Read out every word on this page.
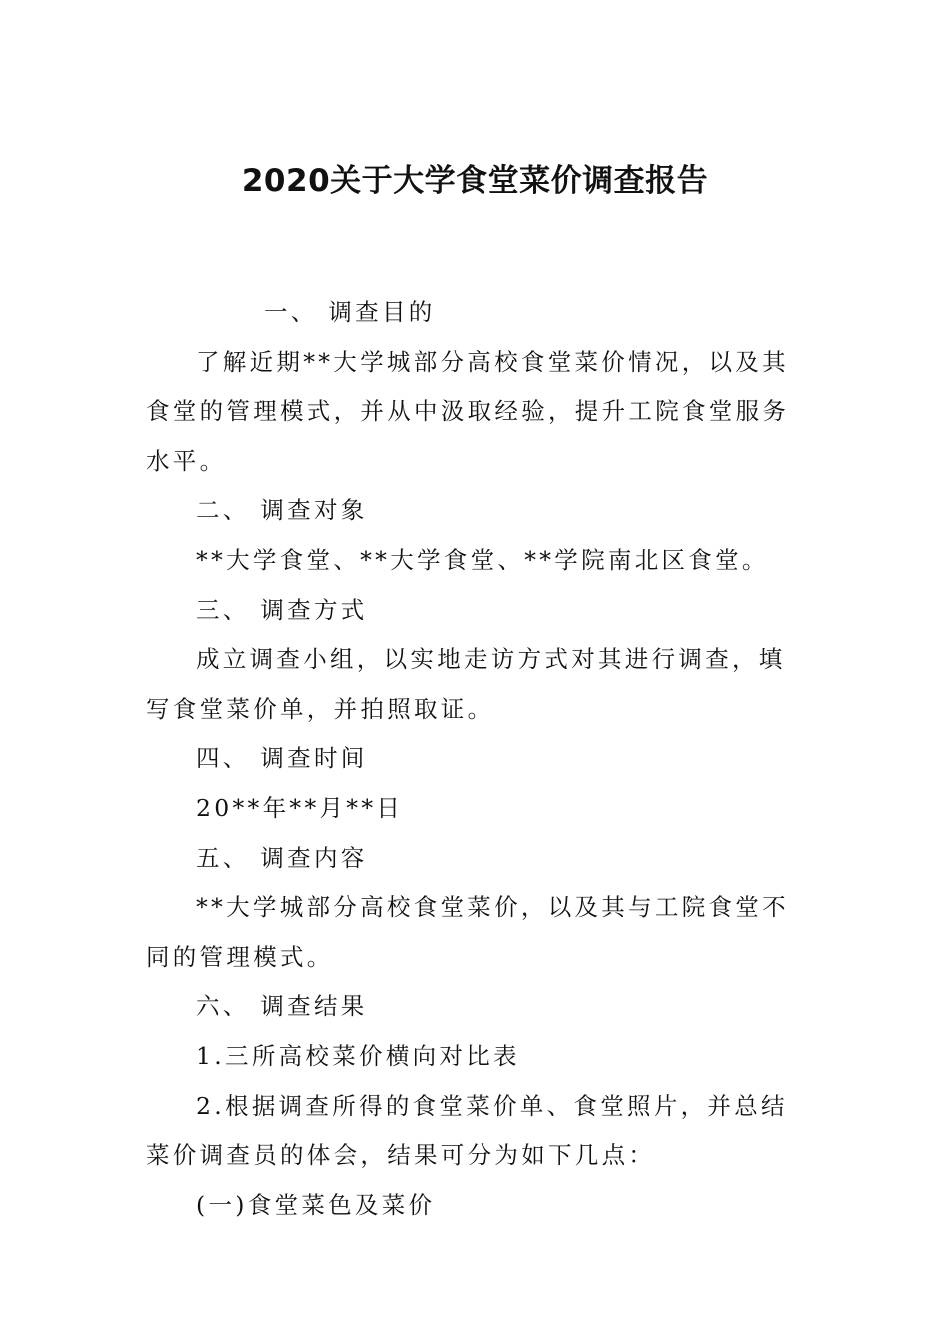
2020关于大学食堂菜价调查报告

一、 调查目的

了解近期**大学城部分高校食堂菜价情况，以及其食堂的管理模式，并从中汲取经验，提升工院食堂服务水平。

二、 调查对象

**大学食堂、**大学食堂、**学院南北区食堂。

三、 调查方式

成立调查小组，以实地走访方式对其进行调查，填写食堂菜价单，并拍照取证。

四、 调查时间

20**年**月**日

五、 调查内容

**大学城部分高校食堂菜价，以及其与工院食堂不同的管理模式。

六、 调查结果

1.三所高校菜价横向对比表

2.根据调查所得的食堂菜价单、食堂照片，并总结菜价调查员的体会，结果可分为如下几点：

(一)食堂菜色及菜价
